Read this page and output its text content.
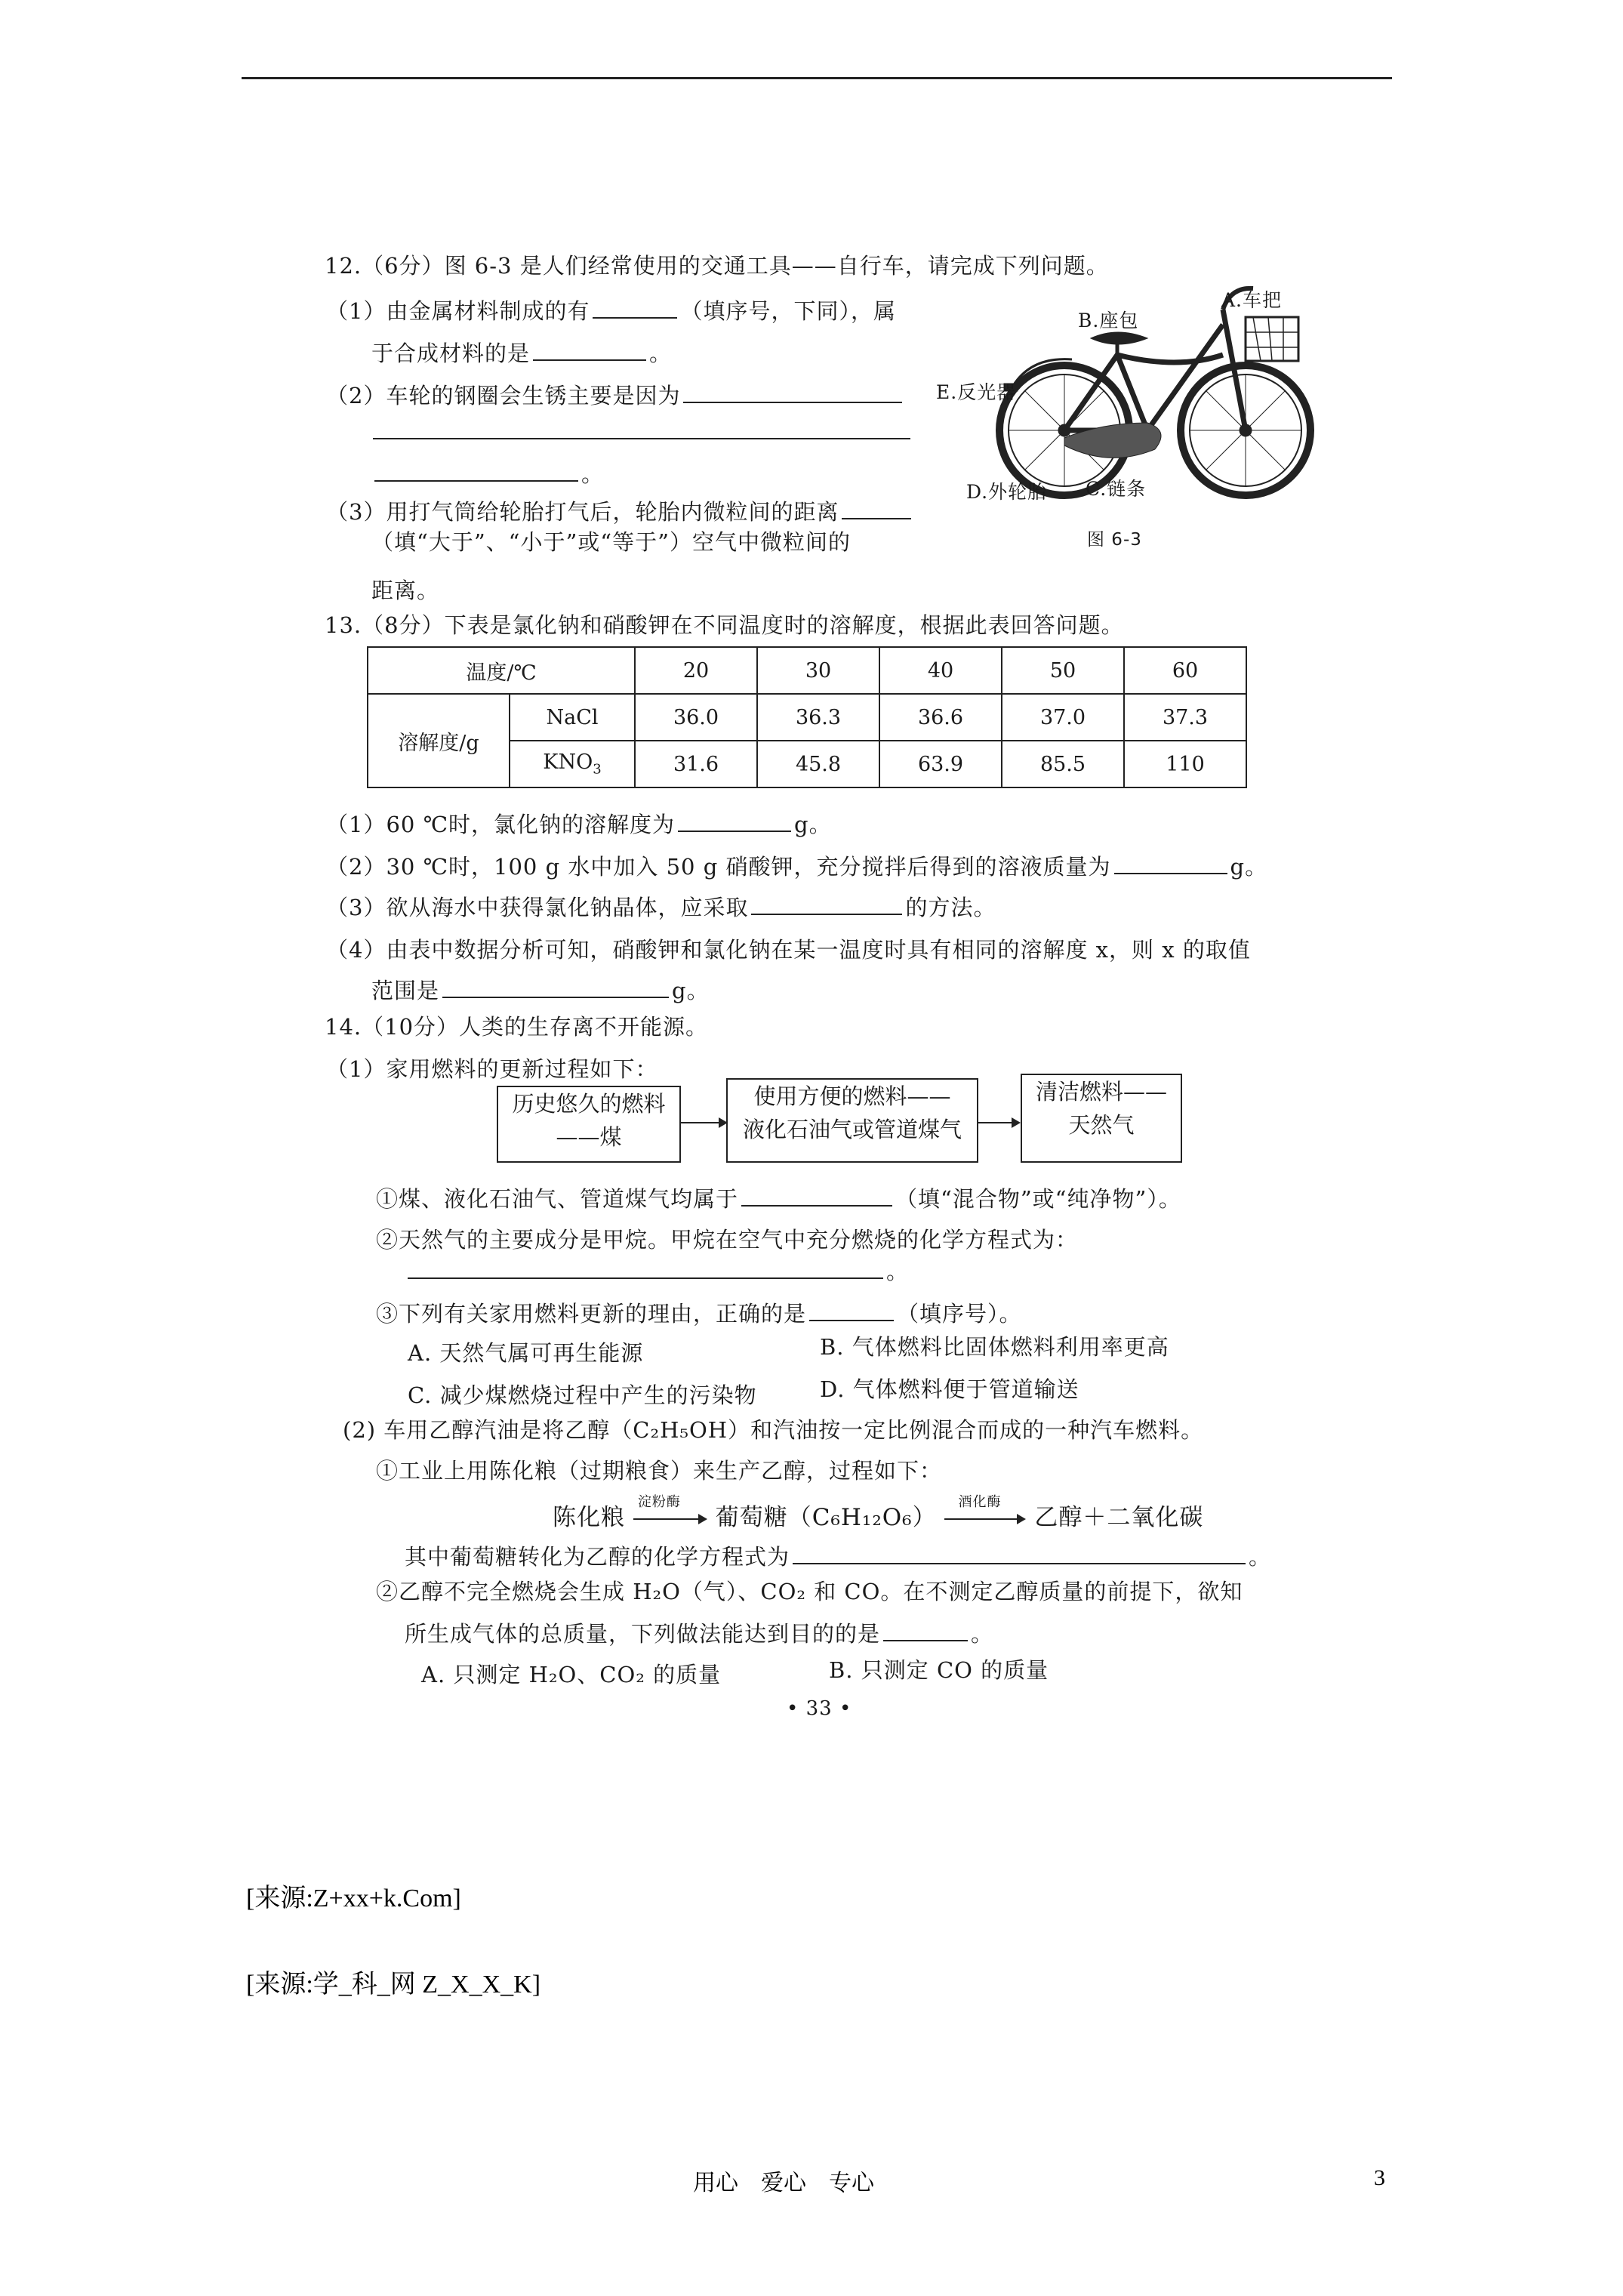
12.（6分）图 6-3 是人们经常使用的交通工具——自行车，请完成下列问题。
（1）由金属材料制成的有	（填序号，下同），属
于合成材料的是	。
（2）车轮的钢圈会生锈主要是因为
。
（3）用打气筒给轮胎打气后，轮胎内微粒间的距离
（填“大于”、“小于”或“等于”）空气中微粒间的
距离。
A.车把
B.座包
E.反光器
D.外轮胎 C.链条
图 6-3
13.（8分）下表是氯化钠和硝酸钾在不同温度时的溶解度，根据此表回答问题。
温度/℃		20	30	40	50	60
溶解度/g	NaCl	36.0	36.3	36.6	37.0	37.3
	$KNO_3$	31.6	45.8	63.9	85.5	110
（1）60 ℃时，氯化钠的溶解度为	g。
（2）30 ℃时，100 g 水中加入 50 g 硝酸钾，充分搅拌后得到的溶液质量为	g。
（3）欲从海水中获得氯化钠晶体，应采取	的方法。
（4）由表中数据分析可知，硝酸钾和氯化钠在某一温度时具有相同的溶解度 x，则 x 的取值
范围是	g。
14.（10分）人类的生存离不开能源。
（1）家用燃料的更新过程如下：
历史悠久的燃料
——煤
使用方便的燃料——
液化石油气或管道煤气
清洁燃料——
天然气
①煤、液化石油气、管道煤气均属于	（填“混合物”或“纯净物”）。
②天然气的主要成分是甲烷。甲烷在空气中充分燃烧的化学方程式为：
。
③下列有关家用燃料更新的理由，正确的是	（填序号）。
A. 天然气属可再生能源	B. 气体燃料比固体燃料利用率更高
C. 减少煤燃烧过程中产生的污染物	D. 气体燃料便于管道输送
(2) 车用乙醇汽油是将乙醇（C₂H₅OH）和汽油按一定比例混合而成的一种汽车燃料。
①工业上用陈化粮（过期粮食）来生产乙醇，过程如下：
陈化粮
淀粉酶
葡萄糖（C₆H₁₂O₆）
酒化酶
乙醇＋二氧化碳
其中葡萄糖转化为乙醇的化学方程式为	。
②乙醇不完全燃烧会生成 H₂O（气）、CO₂ 和 CO。在不测定乙醇质量的前提下，欲知
所生成气体的总质量，下列做法能达到目的的是	。
A. 只测定 H₂O、CO₂ 的质量	B. 只测定 CO 的质量
• 33 •
[来源:Z+xx+k.Com]
[来源:学_科_网 Z_X_X_K]
用心　爱心　专心	3
